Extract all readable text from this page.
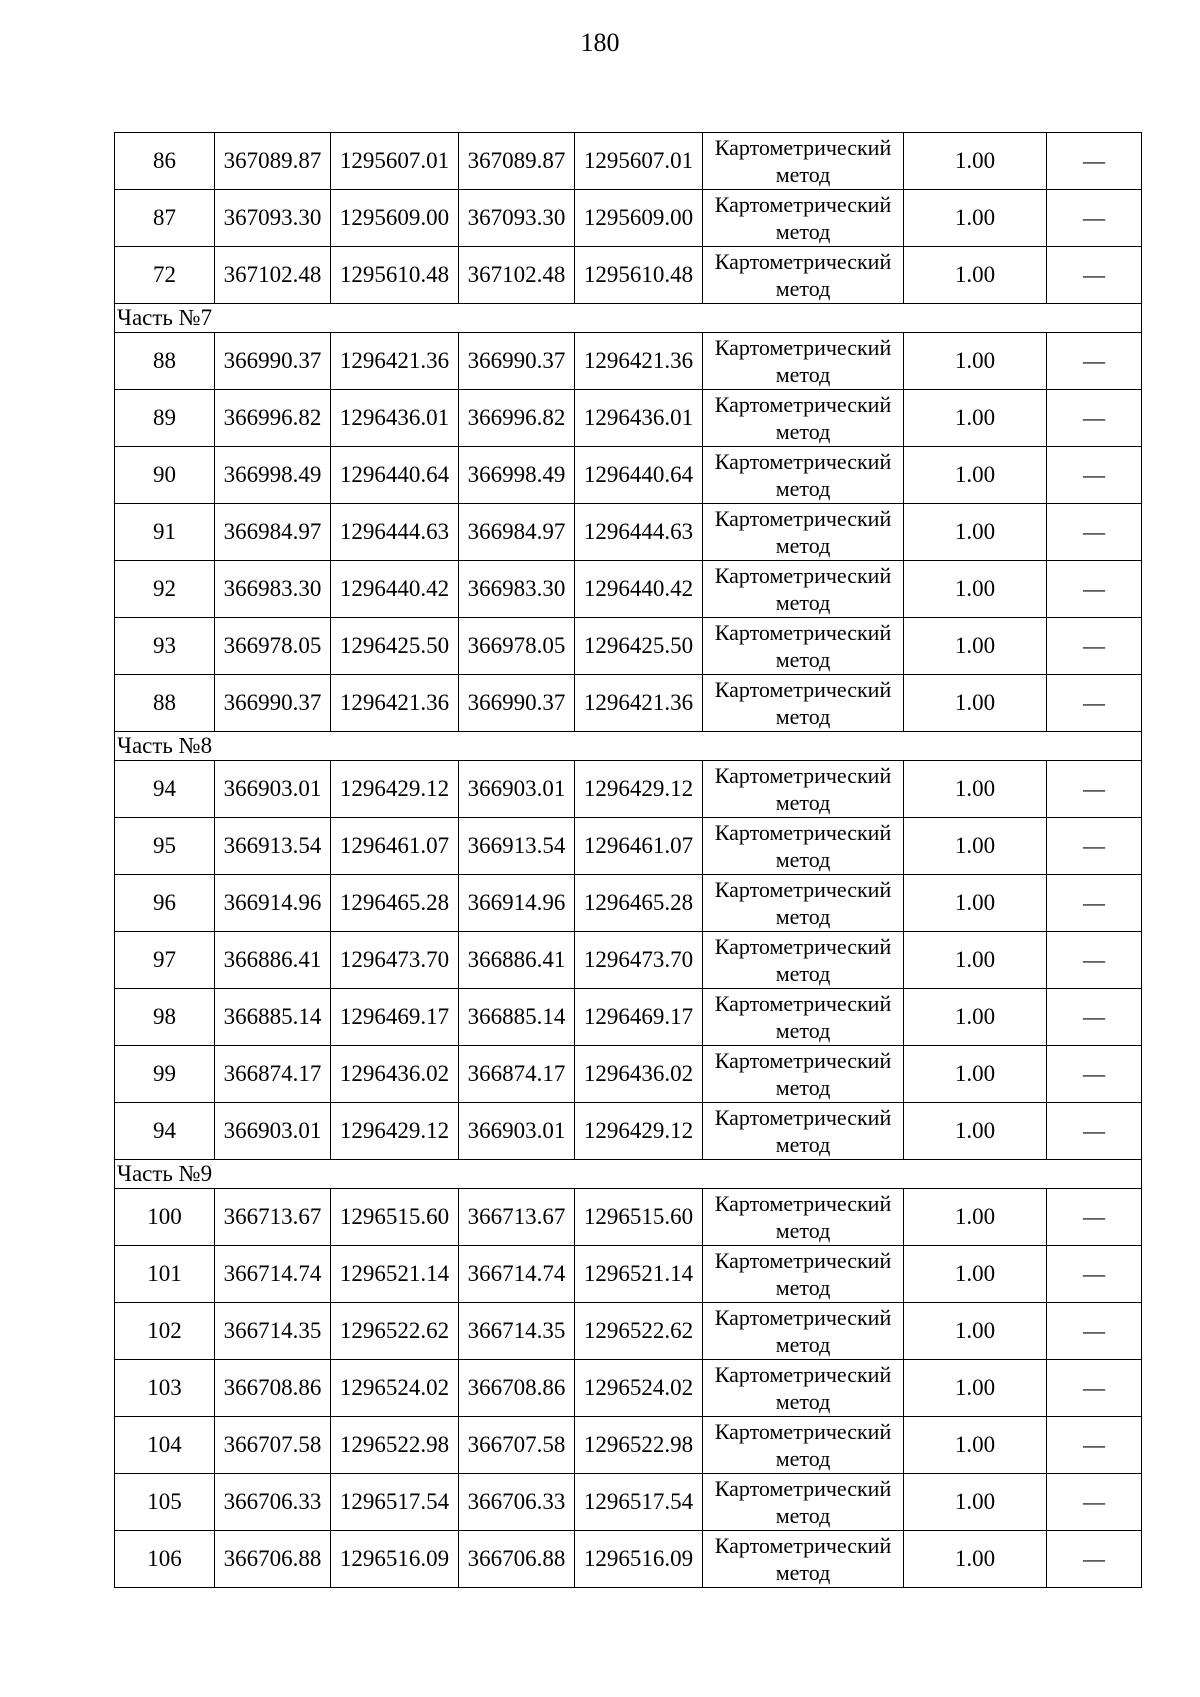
180
86	367089.87	1295607.01	367089.87	1295607.01	Картометрический
метод	1.00	—
87	367093.30	1295609.00	367093.30	1295609.00	Картометрический
метод	1.00	—
72	367102.48	1295610.48	367102.48	1295610.48	Картометрический
метод	1.00	—
Часть №7							
88	366990.37	1296421.36	366990.37	1296421.36	Картометрический
метод	1.00	—
89	366996.82	1296436.01	366996.82	1296436.01	Картометрический
метод	1.00	—
90	366998.49	1296440.64	366998.49	1296440.64	Картометрический
метод	1.00	—
91	366984.97	1296444.63	366984.97	1296444.63	Картометрический
метод	1.00	—
92	366983.30	1296440.42	366983.30	1296440.42	Картометрический
метод	1.00	—
93	366978.05	1296425.50	366978.05	1296425.50	Картометрический
метод	1.00	—
88	366990.37	1296421.36	366990.37	1296421.36	Картометрический
метод	1.00	—
Часть №8							
94	366903.01	1296429.12	366903.01	1296429.12	Картометрический
метод	1.00	—
95	366913.54	1296461.07	366913.54	1296461.07	Картометрический
метод	1.00	—
96	366914.96	1296465.28	366914.96	1296465.28	Картометрический
метод	1.00	—
97	366886.41	1296473.70	366886.41	1296473.70	Картометрический
метод	1.00	—
98	366885.14	1296469.17	366885.14	1296469.17	Картометрический
метод	1.00	—
99	366874.17	1296436.02	366874.17	1296436.02	Картометрический
метод	1.00	—
94	366903.01	1296429.12	366903.01	1296429.12	Картометрический
метод	1.00	—
Часть №9							
100	366713.67	1296515.60	366713.67	1296515.60	Картометрический
метод	1.00	—
101	366714.74	1296521.14	366714.74	1296521.14	Картометрический
метод	1.00	—
102	366714.35	1296522.62	366714.35	1296522.62	Картометрический
метод	1.00	—
103	366708.86	1296524.02	366708.86	1296524.02	Картометрический
метод	1.00	—
104	366707.58	1296522.98	366707.58	1296522.98	Картометрический
метод	1.00	—
105	366706.33	1296517.54	366706.33	1296517.54	Картометрический
метод	1.00	—
106	366706.88	1296516.09	366706.88	1296516.09	Картометрический
метод	1.00	—
